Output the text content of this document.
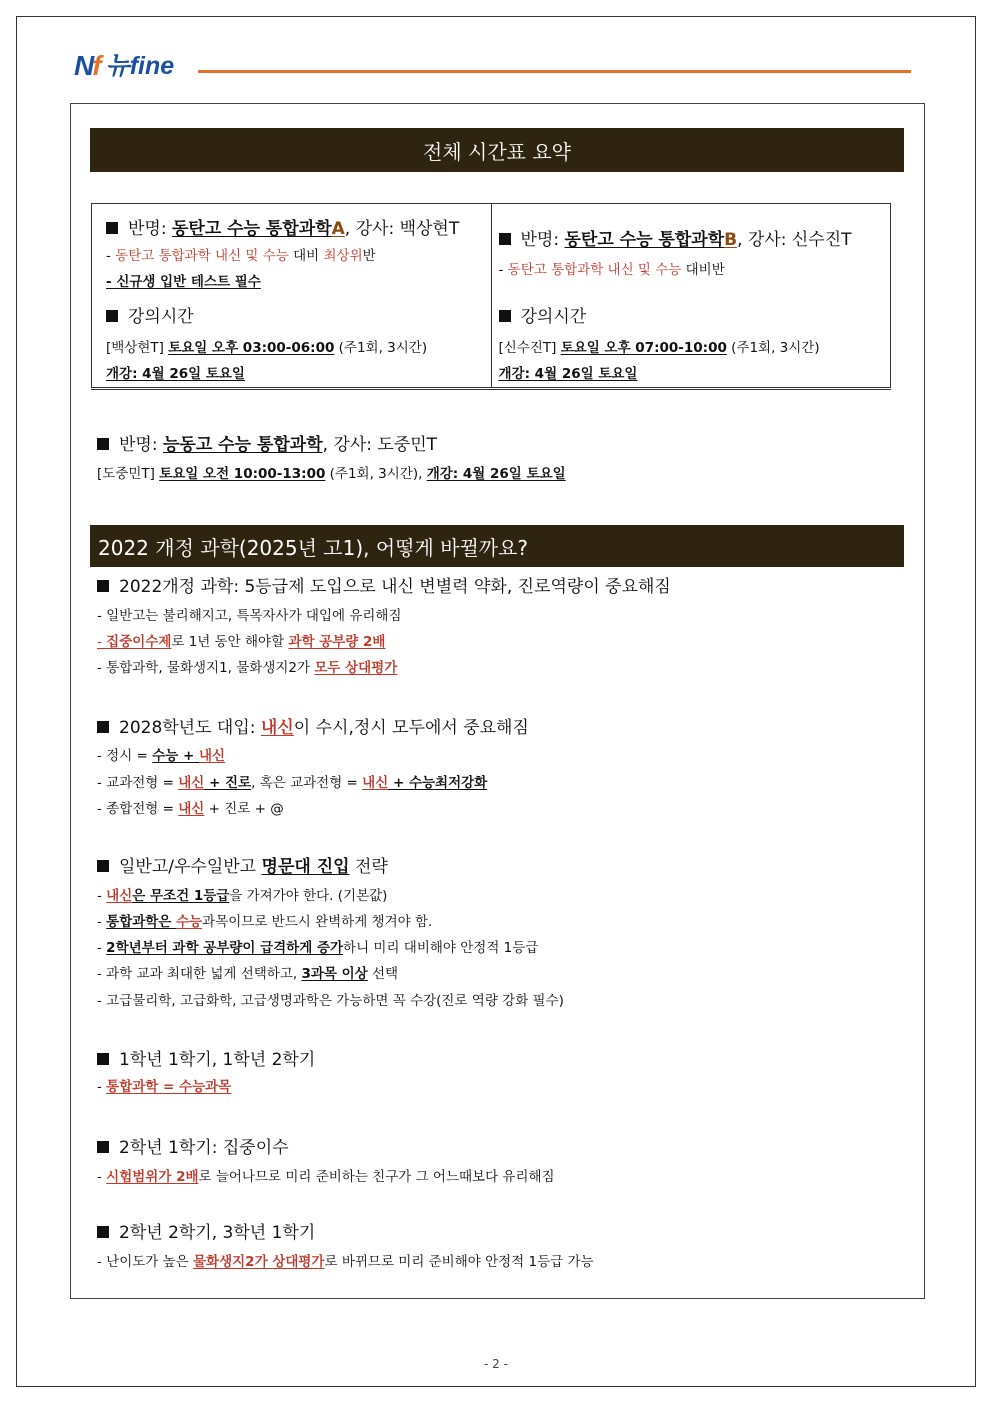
Nf 뉴fine
전체 시간표 요약
반명: 동탄고 수능 통합과학A, 강사: 백상현T
- 동탄고 통합과학 내신 및 수능 대비 최상위반
- 신규생 입반 테스트 필수
강의시간
[백상현T] 토요일 오후 03:00-06:00 (주1회, 3시간)
개강: 4월 26일 토요일
반명: 동탄고 수능 통합과학B, 강사: 신수진T
- 동탄고 통합과학 내신 및 수능 대비반
강의시간
[신수진T] 토요일 오후 07:00-10:00 (주1회, 3시간)
개강: 4월 26일 토요일
반명: 능동고 수능 통합과학, 강사: 도중민T
[도중민T] 토요일 오전 10:00-13:00 (주1회, 3시간), 개강: 4월 26일 토요일
2022 개정 과학(2025년 고1), 어떻게 바뀔까요?
2022개정 과학: 5등급제 도입으로 내신 변별력 약화, 진로역량이 중요해짐
- 일반고는 불리해지고, 특목자사가 대입에 유리해짐
- 집중이수제로 1년 동안 해야할 과학 공부량 2배
- 통합과학, 물화생지1, 물화생지2가 모두 상대평가
2028학년도 대입: 내신이 수시,정시 모두에서 중요해짐
- 정시 = 수능 + 내신
- 교과전형 = 내신 + 진로, 혹은 교과전형 = 내신 + 수능최저강화
- 종합전형 = 내신 + 진로 + @
일반고/우수일반고 명문대 진입 전략
- 내신은 무조건 1등급을 가져가야 한다. (기본값)
- 통합과학은 수능과목이므로 반드시 완벽하게 챙겨야 함.
- 2학년부터 과학 공부량이 급격하게 증가하니 미리 대비해야 안정적 1등급
- 과학 교과 최대한 넓게 선택하고, 3과목 이상 선택
- 고급물리학, 고급화학, 고급생명과학은 가능하면 꼭 수강(진로 역량 강화 필수)
1학년 1학기, 1학년 2학기
- 통합과학 = 수능과목
2학년 1학기: 집중이수
- 시험범위가 2배로 늘어나므로 미리 준비하는 친구가 그 어느때보다 유리해짐
2학년 2학기, 3학년 1학기
- 난이도가 높은 물화생지2가 상대평가로 바뀌므로 미리 준비해야 안정적 1등급 가능
- 2 -
